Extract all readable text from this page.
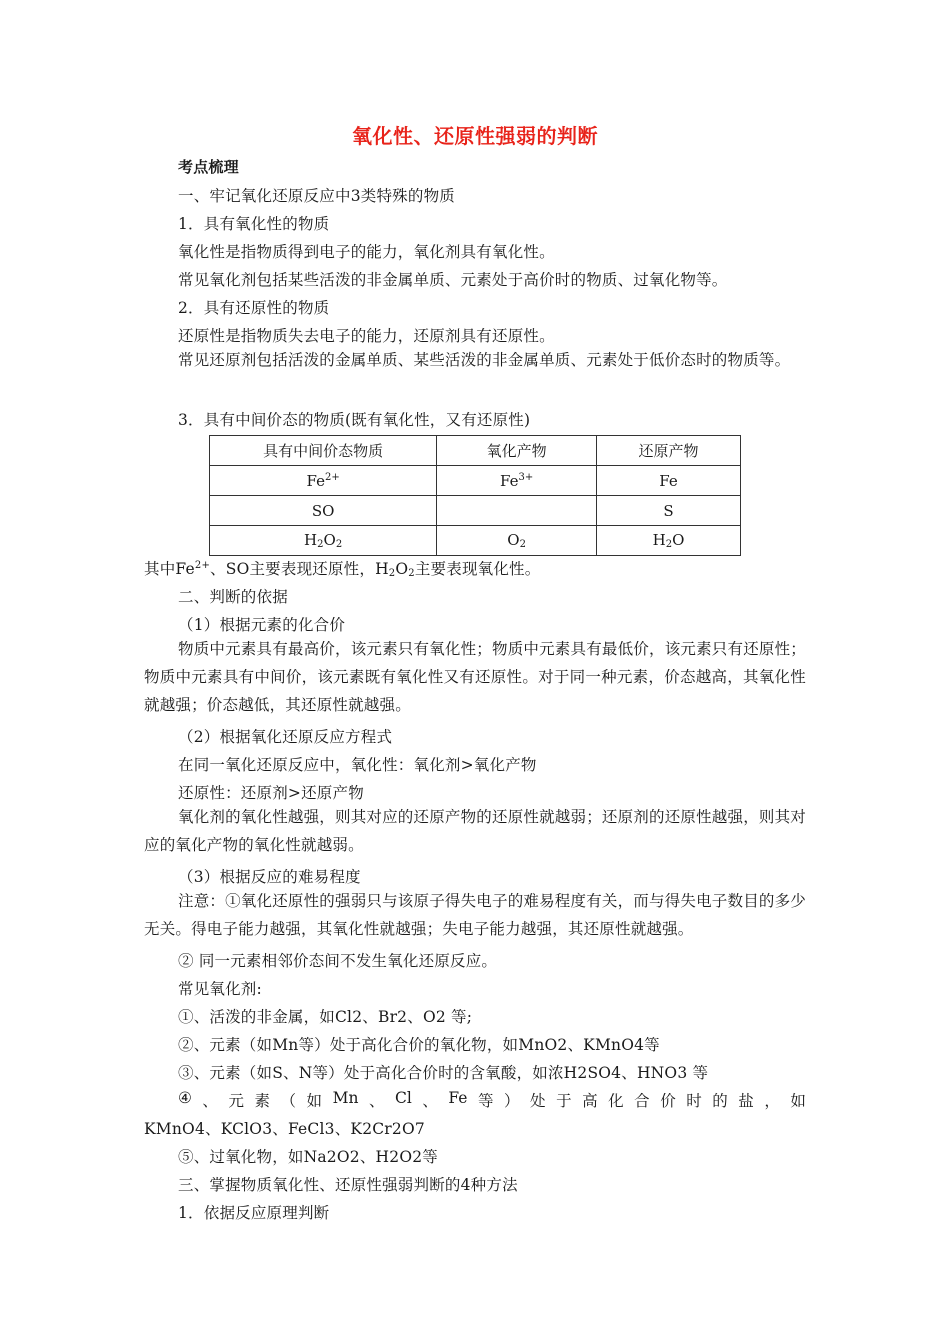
氧化性、还原性强弱的判断
考点梳理
一、牢记氧化还原反应中3类特殊的物质
1．具有氧化性的物质
氧化性是指物质得到电子的能力，氧化剂具有氧化性。
常见氧化剂包括某些活泼的非金属单质、元素处于高价时的物质、过氧化物等。
2．具有还原性的物质
还原性是指物质失去电子的能力，还原剂具有还原性。
常见还原剂包括活泼的金属单质、某些活泼的非金属单质、元素处于低价态时的物质等。
3．具有中间价态的物质(既有氧化性，又有还原性)
具有中间价态物质	氧化产物	还原产物
$Fe^{2+}$	$Fe^{3+}$	Fe
SO		S
$H_2O_2$	$O_2$	$H_2O$
其中$Fe^{2+}$、SO主要表现还原性，$H_2O_2$主要表现氧化性。
二、判断的依据
（1）根据元素的化合价
物质中元素具有最高价，该元素只有氧化性；物质中元素具有最低价，该元素只有还原性；物质中元素具有中间价，该元素既有氧化性又有还原性。对于同一种元素，价态越高，其氧化性就越强；价态越低，其还原性就越强。
（2）根据氧化还原反应方程式
在同一氧化还原反应中，氧化性：氧化剂>氧化产物
还原性：还原剂>还原产物
氧化剂的氧化性越强，则其对应的还原产物的还原性就越弱；还原剂的还原性越强，则其对应的氧化产物的氧化性就越弱。
（3）根据反应的难易程度
注意：①氧化还原性的强弱只与该原子得失电子的难易程度有关，而与得失电子数目的多少无关。得电子能力越强，其氧化性就越强；失电子能力越强，其还原性就越强。
② 同一元素相邻价态间不发生氧化还原反应。
常见氧化剂:
①、活泼的非金属，如Cl2、Br2、O2 等;
②、元素（如Mn等）处于高化合价的氧化物，如MnO2、KMnO4等
③、元素（如S、N等）处于高化合价时的含氧酸，如浓H2SO4、HNO3 等
④ 、 元 素 （ 如 Mn 、 Cl 、 Fe 等 ） 处 于 高 化 合 价 时 的 盐 ， 如
KMnO4、KClO3、FeCl3、K2Cr2O7
⑤、过氧化物，如Na2O2、H2O2等
三、掌握物质氧化性、还原性强弱判断的4种方法
1．依据反应原理判断
